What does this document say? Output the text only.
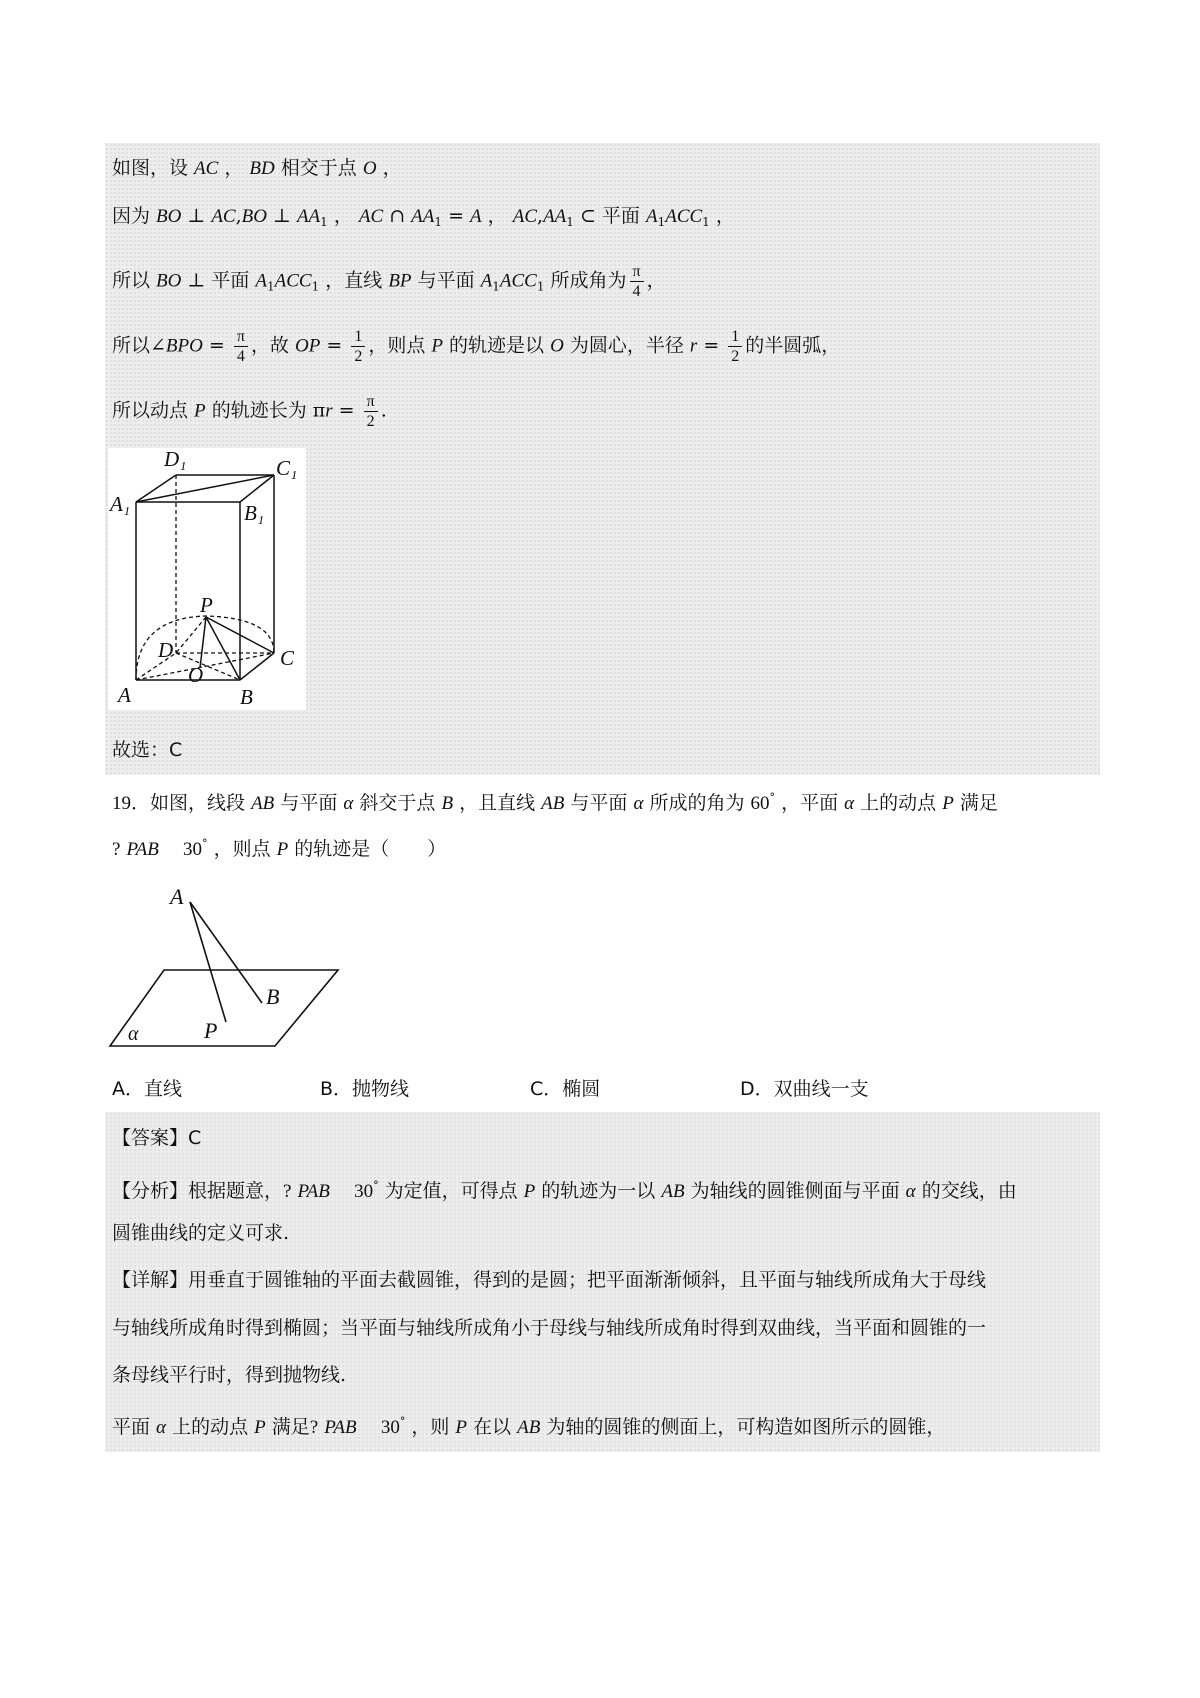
如图，设 AC ， BD 相交于点 O ，
因为 BO ⊥ AC,BO ⊥ $AA_1$ ， AC ∩ $AA_1 = A$ ， $AC,AA_1$ ⊂ 平面 $A_1ACC_1$ ，
所以 BO ⊥ 平面 $A_1ACC_1$ ，直线 BP 与平面 $A_1ACC_1$ 所成角为 $\frac{\pi}{4}$ ，
所以∠BPO = $\frac{\pi}{4}$ ，故 OP = $\frac{1}{2}$ ，则点 P 的轨迹是以 O 为圆心，半径 $r = \frac{1}{2}$ 的半圆弧，
所以动点 P 的轨迹长为 $\pi r = \frac{\pi}{2}$ .
D₁	C₁
A₁	B₁
P
D	C
O
A	B
故选：C
19．如图，线段 AB 与平面 α 斜交于点 B ，且直线 AB 与平面 α 所成的角为 60° ，平面 α 上的动点 P 满足
? PAB 30° ，则点 P 的轨迹是（　　）
A
B
P
α
A．直线	B．抛物线	C．椭圆	D．双曲线一支
【答案】C
【分析】根据题意，? PAB 30° 为定值，可得点 P 的轨迹为一以 AB 为轴线的圆锥侧面与平面 α 的交线，由
圆锥曲线的定义可求.
【详解】用垂直于圆锥轴的平面去截圆锥，得到的是圆；把平面渐渐倾斜，且平面与轴线所成角大于母线
与轴线所成角时得到椭圆；当平面与轴线所成角小于母线与轴线所成角时得到双曲线，当平面和圆锥的一
条母线平行时，得到抛物线.
平面 α 上的动点 P 满足? PAB 30° ，则 P 在以 AB 为轴的圆锥的侧面上，可构造如图所示的圆锥，
